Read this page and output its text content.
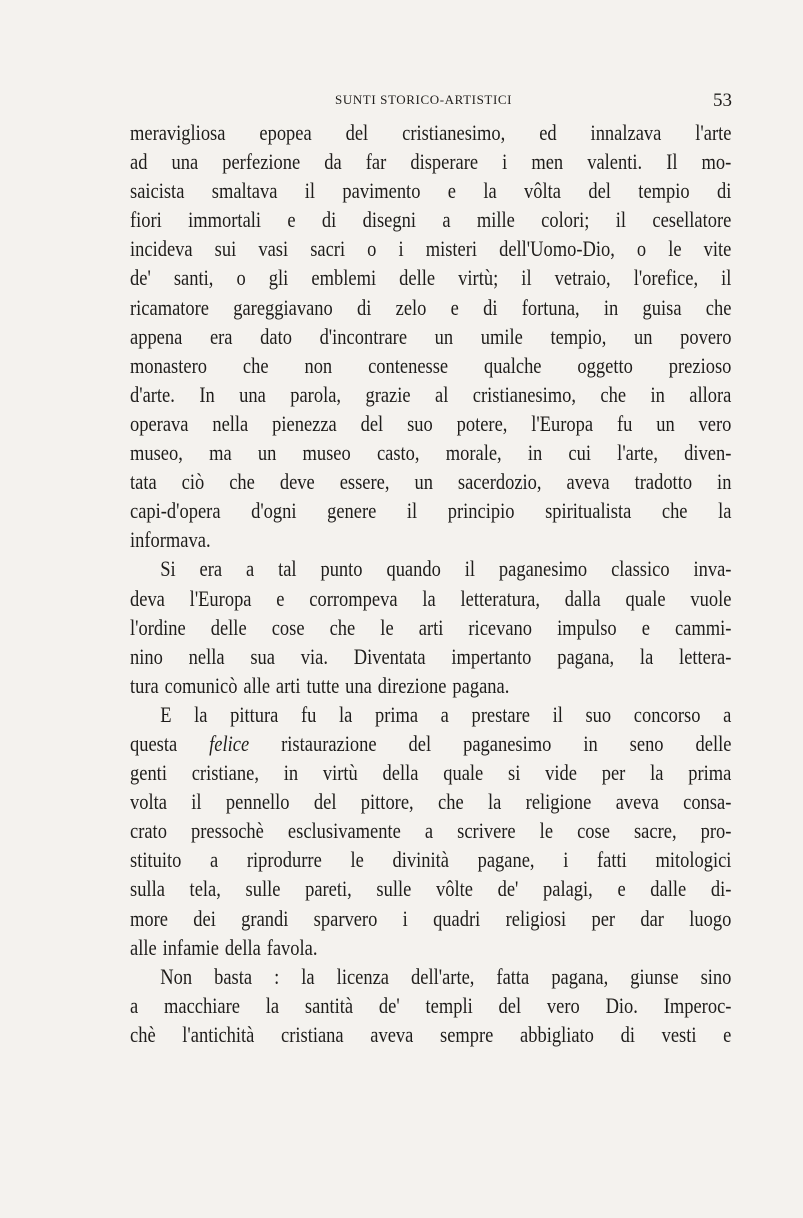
SUNTI STORICO-ARTISTICI	53
meravigliosa epopea del cristianesimo, ed innalzava l'arte
ad una perfezione da far disperare i men valenti. Il mo-
saicista smaltava il pavimento e la vôlta del tempio di
fiori immortali e di disegni a mille colori; il cesellatore
incideva sui vasi sacri o i misteri dell'Uomo-Dio, o le vite
de' santi, o gli emblemi delle virtù; il vetraio, l'orefice, il
ricamatore gareggiavano di zelo e di fortuna, in guisa che
appena era dato d'incontrare un umile tempio, un povero
monastero che non contenesse qualche oggetto prezioso
d'arte. In una parola, grazie al cristianesimo, che in allora
operava nella pienezza del suo potere, l'Europa fu un vero
museo, ma un museo casto, morale, in cui l'arte, diven-
tata ciò che deve essere, un sacerdozio, aveva tradotto in
capi-d'opera d'ogni genere il principio spiritualista che la
informava.
Si era a tal punto quando il paganesimo classico inva-
deva l'Europa e corrompeva la letteratura, dalla quale vuole
l'ordine delle cose che le arti ricevano impulso e cammi-
nino nella sua via. Diventata impertanto pagana, la lettera-
tura comunicò alle arti tutte una direzione pagana.
E la pittura fu la prima a prestare il suo concorso a
questa felice ristaurazione del paganesimo in seno delle
genti cristiane, in virtù della quale si vide per la prima
volta il pennello del pittore, che la religione aveva consa-
crato pressochè esclusivamente a scrivere le cose sacre, pro-
stituito a riprodurre le divinità pagane, i fatti mitologici
sulla tela, sulle pareti, sulle vôlte de' palagi, e dalle di-
more dei grandi sparvero i quadri religiosi per dar luogo
alle infamie della favola.
Non basta : la licenza dell'arte, fatta pagana, giunse sino
a macchiare la santità de' templi del vero Dio. Imperoc-
chè l'antichità cristiana aveva sempre abbigliato di vesti e
